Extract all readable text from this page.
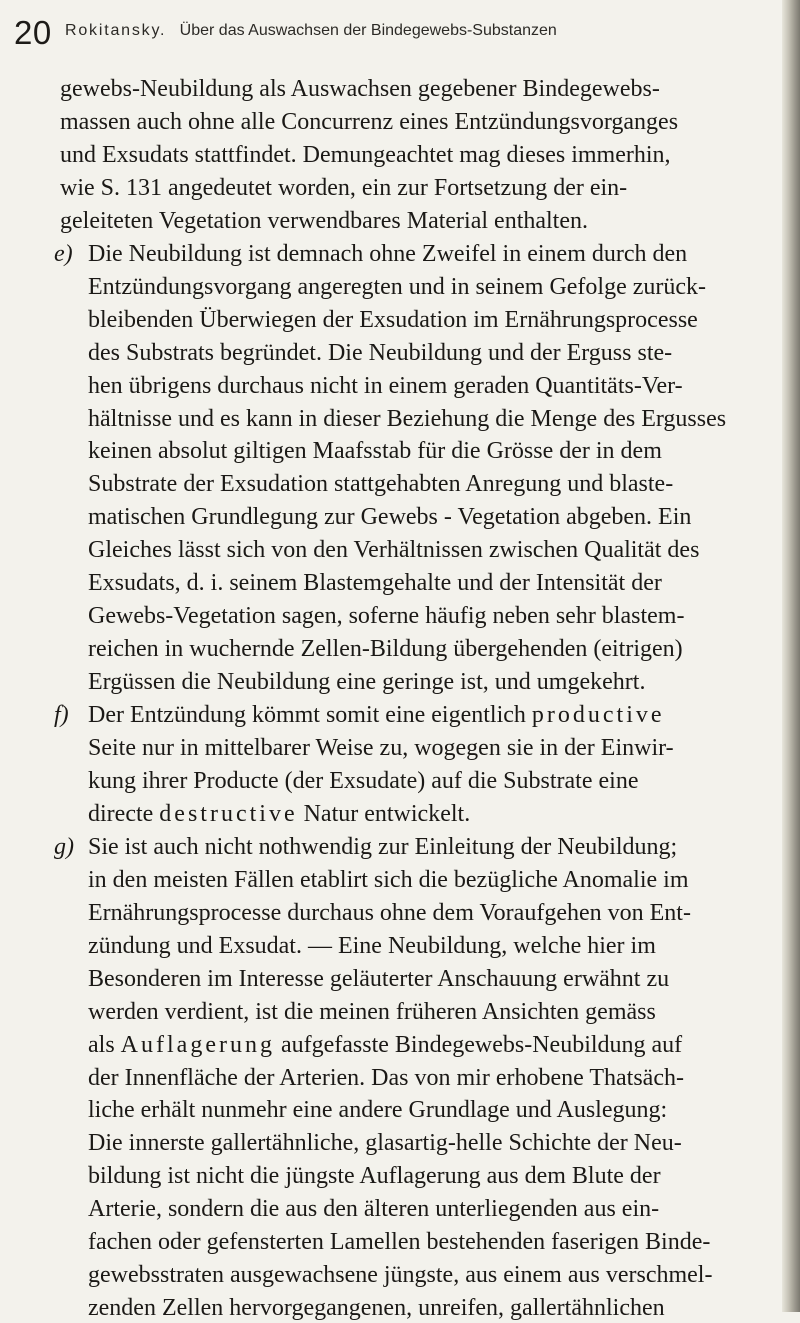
20 Rokitansky. Über das Auswachsen der Bindegewebs-Substanzen
gewebs-Neubildung als Auswachsen gegebener Bindegewebs-
massen auch ohne alle Concurrenz eines Entzündungsvorganges
und Exsudats stattfindet. Demungeachtet mag dieses immerhin,
wie S. 131 angedeutet worden, ein zur Fortsetzung der ein-
geleiteten Vegetation verwendbares Material enthalten.
Die Neubildung ist demnach ohne Zweifel in einem durch den
e)
Entzündungsvorgang angeregten und in seinem Gefolge zurück-
bleibenden Überwiegen der Exsudation im Ernährungsprocesse
des Substrats begründet. Die Neubildung und der Erguss ste-
hen übrigens durchaus nicht in einem geraden Quantitäts-Ver-
hältnisse und es kann in dieser Beziehung die Menge des Ergusses
keinen absolut giltigen Maafsstab für die Grösse der in dem
Substrate der Exsudation stattgehabten Anregung und blaste-
matischen Grundlegung zur Gewebs - Vegetation abgeben. Ein
Gleiches lässt sich von den Verhältnissen zwischen Qualität des
Exsudats, d. i. seinem Blastemgehalte und der Intensität der
Gewebs-Vegetation sagen, soferne häufig neben sehr blastem-
reichen in wuchernde Zellen-Bildung übergehenden (eitrigen)
Ergüssen die Neubildung eine geringe ist, und umgekehrt.
Der Entzündung kömmt somit eine eigentlich productive
f)
Seite nur in mittelbarer Weise zu, wogegen sie in der Einwir-
kung ihrer Producte (der Exsudate) auf die Substrate eine
directe destructive Natur entwickelt.
Sie ist auch nicht nothwendig zur Einleitung der Neubildung;
g)
in den meisten Fällen etablirt sich die bezügliche Anomalie im
Ernährungsprocesse durchaus ohne dem Voraufgehen von Ent-
zündung und Exsudat. — Eine Neubildung, welche hier im
Besonderen im Interesse geläuterter Anschauung erwähnt zu
werden verdient, ist die meinen früheren Ansichten gemäss
als Auflagerung aufgefasste Bindegewebs-Neubildung auf
der Innenfläche der Arterien. Das von mir erhobene Thatsäch-
liche erhält nunmehr eine andere Grundlage und Auslegung:
Die innerste gallertähnliche, glasartig-helle Schichte der Neu-
bildung ist nicht die jüngste Auflagerung aus dem Blute der
Arterie, sondern die aus den älteren unterliegenden aus ein-
fachen oder gefensterten Lamellen bestehenden faserigen Binde-
gewebsstraten ausgewachsene jüngste, aus einem aus verschmel-
zenden Zellen hervorgegangenen, unreifen, gallertähnlichen
